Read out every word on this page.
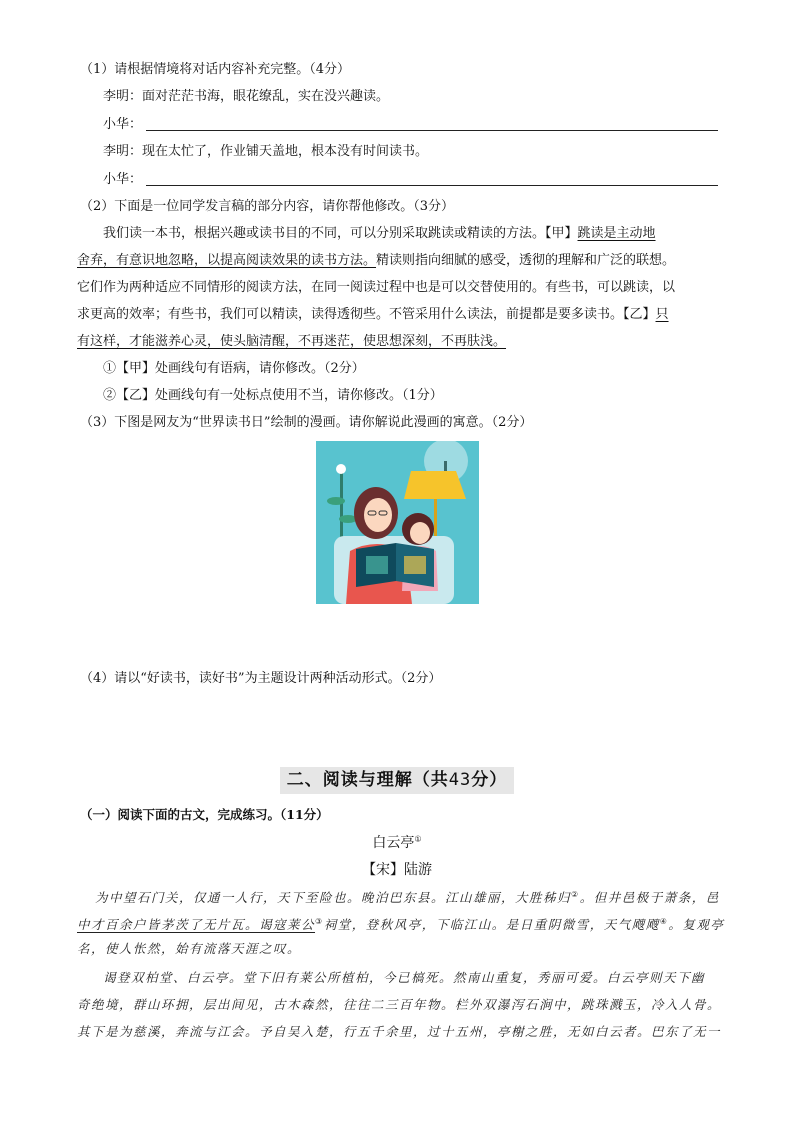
（1）请根据情境将对话内容补充完整。（4分）
李明：面对茫茫书海，眼花缭乱，实在没兴趣读。
小华：
李明：现在太忙了，作业铺天盖地，根本没有时间读书。
小华：
（2）下面是一位同学发言稿的部分内容，请你帮他修改。（3分）
我们读一本书，根据兴趣或读书目的不同，可以分别采取跳读或精读的方法。【甲】跳读是主动地
舍弃，有意识地忽略，以提高阅读效果的读书方法。精读则指向细腻的感受，透彻的理解和广泛的联想。
它们作为两种适应不同情形的阅读方法，在同一阅读过程中也是可以交替使用的。有些书，可以跳读，以
求更高的效率；有些书，我们可以精读，读得透彻些。不管采用什么读法，前提都是要多读书。【乙】只
有这样，才能滋养心灵，使头脑清醒，不再迷茫，使思想深刻，不再肤浅。
①【甲】处画线句有语病，请你修改。（2分）
②【乙】处画线句有一处标点使用不当，请你修改。（1分）
（3）下图是网友为“世界读书日”绘制的漫画。请你解说此漫画的寓意。（2分）
（4）请以“好读书，读好书”为主题设计两种活动形式。（2分）
二、阅读与理解（共43分）
（一）阅读下面的古文，完成练习。（11分）
白云亭①
【宋】陆游
为中望石门关，仅通一人行，天下至险也。晚泊巴东县。江山雄丽，大胜秭归②。但井邑极于萧条，邑
中才百余户皆茅茨了无片瓦。谒寇莱公③祠堂，登秋风亭，下临江山。是日重阴微雪，天气飕飕④。复观亭
名，使人怅然，始有流落天涯之叹。
谒登双柏堂、白云亭。堂下旧有莱公所植柏，今已槁死。然南山重复，秀丽可爱。白云亭则天下幽
奇绝境，群山环拥，层出间见，古木森然，往往二三百年物。栏外双瀑泻石涧中，跳珠溅玉，冷入人骨。
其下是为慈溪，奔流与江会。予自吴入楚，行五千余里，过十五州，亭榭之胜，无如白云者。巴东了无一
